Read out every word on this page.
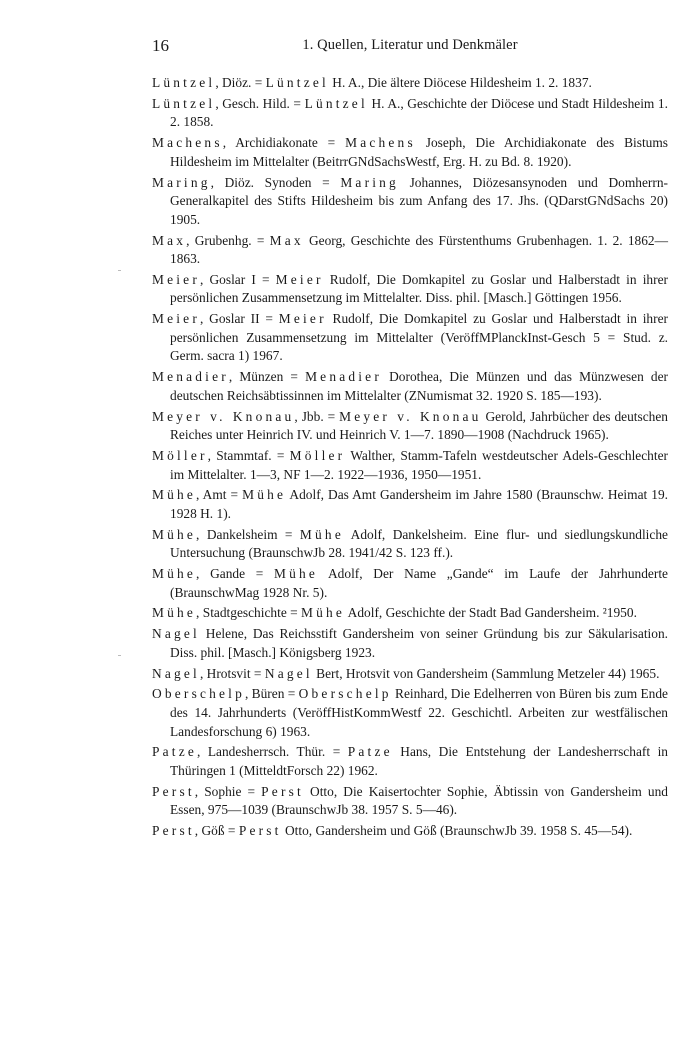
16	1. Quellen, Literatur und Denkmäler

Lüntzel, Diöz. = Lüntzel H. A., Die ältere Diöcese Hildesheim 1. 2. 1837.

Lüntzel, Gesch. Hild. = Lüntzel H. A., Geschichte der Diöcese und Stadt Hildesheim 1. 2. 1858.

Machens, Archidiakonate = Machens Joseph, Die Archidiakonate des Bistums Hildesheim im Mittelalter (BeitrrGNdSachsWestf, Erg. H. zu Bd. 8. 1920).

Maring, Diöz. Synoden = Maring Johannes, Diözesansynoden und Domherrn-Generalkapitel des Stifts Hildesheim bis zum Anfang des 17. Jhs. (QDarstGNdSachs 20) 1905.

Max, Grubenhg. = Max Georg, Geschichte des Fürstenthums Grubenhagen. 1. 2. 1862—1863.

Meier, Goslar I = Meier Rudolf, Die Domkapitel zu Goslar und Halberstadt in ihrer persönlichen Zusammensetzung im Mittelalter. Diss. phil. [Masch.] Göttingen 1956.

Meier, Goslar II = Meier Rudolf, Die Domkapitel zu Goslar und Halberstadt in ihrer persönlichen Zusammensetzung im Mittelalter (VeröffMPlanckInst-Gesch 5 = Stud. z. Germ. sacra 1) 1967.

Menadier, Münzen = Menadier Dorothea, Die Münzen und das Münzwesen der deutschen Reichsäbtissinnen im Mittelalter (ZNumismat 32. 1920 S. 185—193).

Meyer v. Knonau, Jbb. = Meyer v. Knonau Gerold, Jahrbücher des deutschen Reiches unter Heinrich IV. und Heinrich V. 1—7. 1890—1908 (Nachdruck 1965).

Möller, Stammtaf. = Möller Walther, Stamm-Tafeln westdeutscher Adels-Geschlechter im Mittelalter. 1—3, NF 1—2. 1922—1936, 1950—1951.

Mühe, Amt = Mühe Adolf, Das Amt Gandersheim im Jahre 1580 (Braunschw. Heimat 19. 1928 H. 1).

Mühe, Dankelsheim = Mühe Adolf, Dankelsheim. Eine flur- und siedlungskundliche Untersuchung (BraunschwJb 28. 1941/42 S. 123 ff.).

Mühe, Gande = Mühe Adolf, Der Name „Gande“ im Laufe der Jahrhunderte (BraunschwMag 1928 Nr. 5).

Mühe, Stadtgeschichte = Mühe Adolf, Geschichte der Stadt Bad Gandersheim. ²1950.

Nagel Helene, Das Reichsstift Gandersheim von seiner Gründung bis zur Säkularisation. Diss. phil. [Masch.] Königsberg 1923.

Nagel, Hrotsvit = Nagel Bert, Hrotsvit von Gandersheim (Sammlung Metzeler 44) 1965.

Oberschelp, Büren = Oberschelp Reinhard, Die Edelherren von Büren bis zum Ende des 14. Jahrhunderts (VeröffHistKommWestf 22. Geschichtl. Arbeiten zur westfälischen Landesforschung 6) 1963.

Patze, Landesherrsch. Thür. = Patze Hans, Die Entstehung der Landesherrschaft in Thüringen 1 (MitteldtForsch 22) 1962.

Perst, Sophie = Perst Otto, Die Kaisertochter Sophie, Äbtissin von Gandersheim und Essen, 975—1039 (BraunschwJb 38. 1957 S. 5—46).

Perst, Göß = Perst Otto, Gandersheim und Göß (BraunschwJb 39. 1958 S. 45—54).
